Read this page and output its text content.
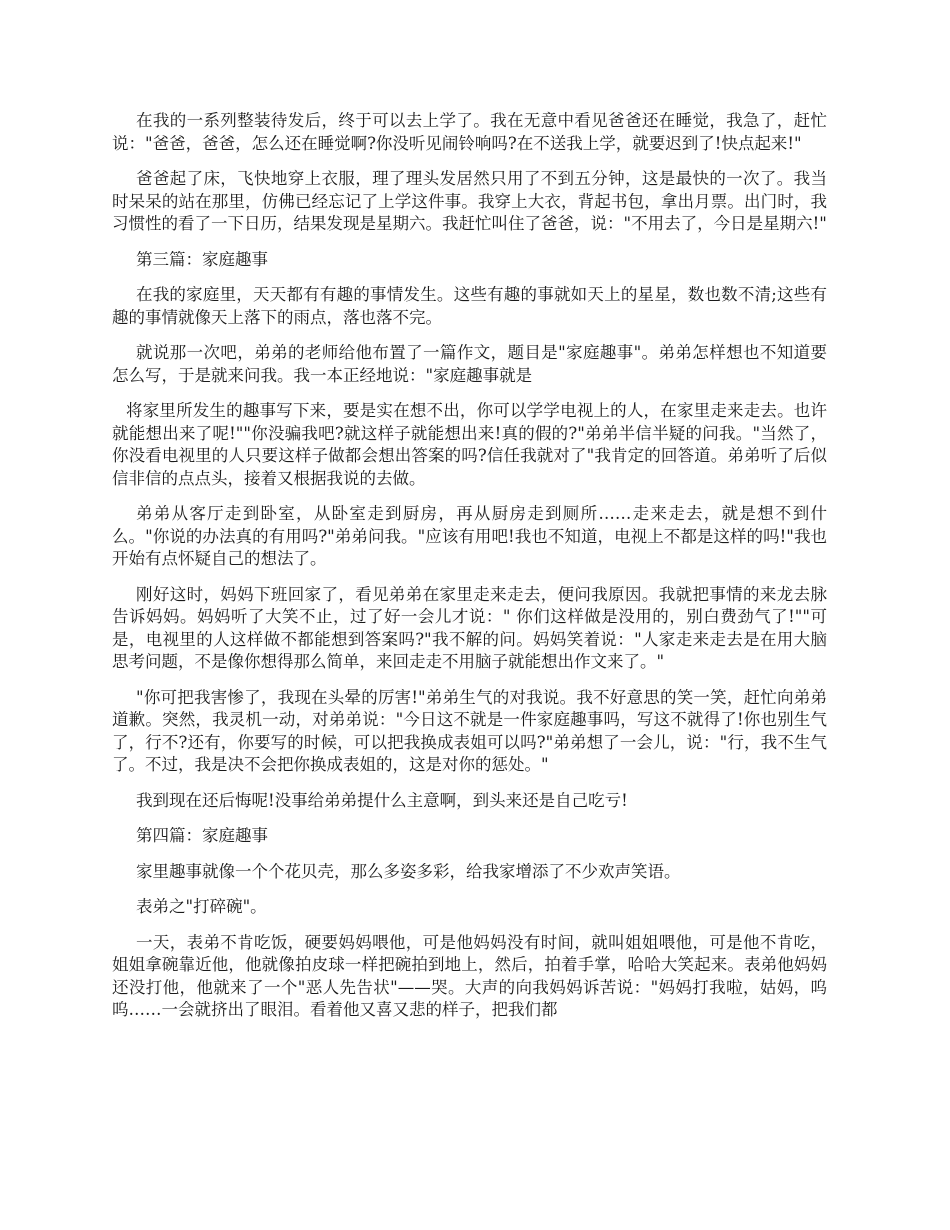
在我的一系列整装待发后，终于可以去上学了。我在无意中看见爸爸还在睡觉，我急了，赶忙说："爸爸，爸爸，怎么还在睡觉啊?你没听见闹铃响吗?在不送我上学，就要迟到了!快点起来!"

爸爸起了床，飞快地穿上衣服，理了理头发居然只用了不到五分钟，这是最快的一次了。我当时呆呆的站在那里，仿佛已经忘记了上学这件事。我穿上大衣，背起书包，拿出月票。出门时，我习惯性的看了一下日历，结果发现是星期六。我赶忙叫住了爸爸，说："不用去了，今日是星期六!"

第三篇：家庭趣事

在我的家庭里，天天都有有趣的事情发生。这些有趣的事就如天上的星星，数也数不清;这些有趣的事情就像天上落下的雨点，落也落不完。

就说那一次吧，弟弟的老师给他布置了一篇作文，题目是"家庭趣事"。弟弟怎样想也不知道要怎么写，于是就来问我。我一本正经地说："家庭趣事就是

将家里所发生的趣事写下来，要是实在想不出，你可以学学电视上的人，在家里走来走去。也许就能想出来了呢!""你没骗我吧?就这样子就能想出来!真的假的?"弟弟半信半疑的问我。"当然了，你没看电视里的人只要这样子做都会想出答案的吗?信任我就对了"我肯定的回答道。弟弟听了后似信非信的点点头，接着又根据我说的去做。

弟弟从客厅走到卧室，从卧室走到厨房，再从厨房走到厕所……走来走去，就是想不到什么。"你说的办法真的有用吗?"弟弟问我。"应该有用吧!我也不知道，电视上不都是这样的吗!"我也开始有点怀疑自己的想法了。

刚好这时，妈妈下班回家了，看见弟弟在家里走来走去，便问我原因。我就把事情的来龙去脉告诉妈妈。妈妈听了大笑不止，过了好一会儿才说：" 你们这样做是没用的，别白费劲气了!""可是，电视里的人这样做不都能想到答案吗?"我不解的问。妈妈笑着说："人家走来走去是在用大脑思考问题，不是像你想得那么简单，来回走走不用脑子就能想出作文来了。"

"你可把我害惨了，我现在头晕的厉害!"弟弟生气的对我说。我不好意思的笑一笑，赶忙向弟弟道歉。突然，我灵机一动，对弟弟说："今日这不就是一件家庭趣事吗，写这不就得了!你也别生气了，行不?还有，你要写的时候，可以把我换成表姐可以吗?"弟弟想了一会儿，说："行，我不生气了。不过，我是决不会把你换成表姐的，这是对你的惩处。"

我到现在还后悔呢!没事给弟弟提什么主意啊，到头来还是自己吃亏!

第四篇：家庭趣事

家里趣事就像一个个花贝壳，那么多姿多彩，给我家增添了不少欢声笑语。

表弟之"打碎碗"。

一天，表弟不肯吃饭，硬要妈妈喂他，可是他妈妈没有时间，就叫姐姐喂他，可是他不肯吃，姐姐拿碗靠近他，他就像拍皮球一样把碗拍到地上，然后，拍着手掌，哈哈大笑起来。表弟他妈妈还没打他，他就来了一个"恶人先告状"——哭。大声的向我妈妈诉苦说："妈妈打我啦，姑妈，呜呜……一会就挤出了眼泪。看着他又喜又悲的样子，把我们都
